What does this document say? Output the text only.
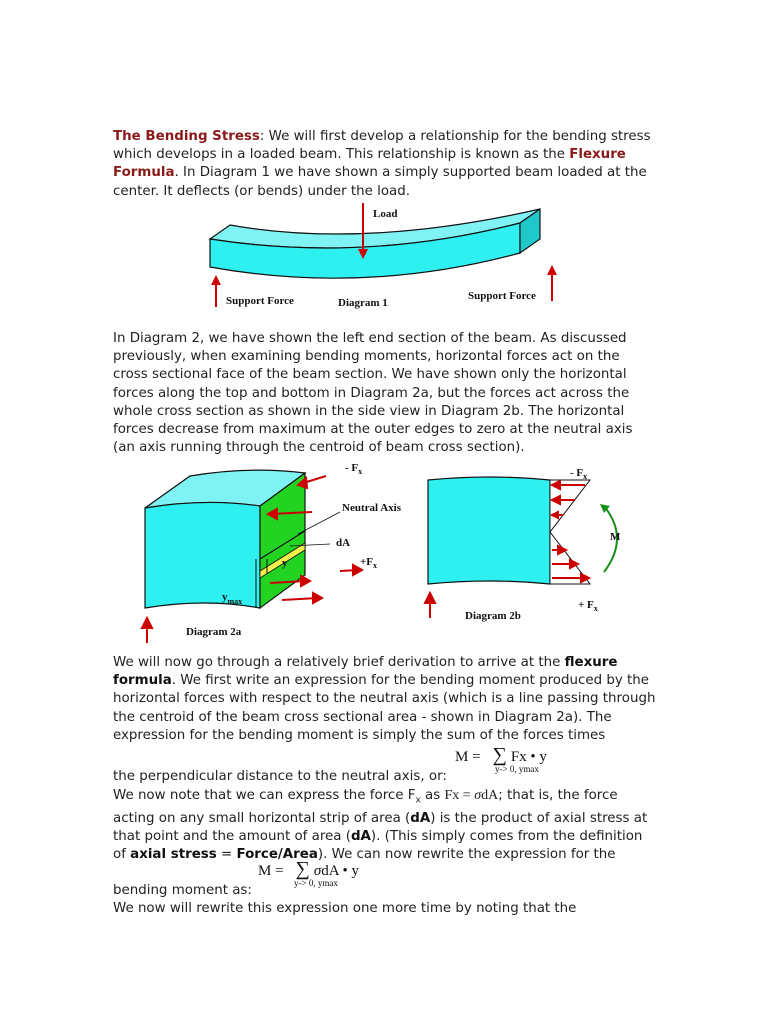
The Bending Stress: We will first develop a relationship for the bending stress which develops in a loaded beam. This relationship is known as the Flexure Formula. In Diagram 1 we have shown a simply supported beam loaded at the center. It deflects (or bends) under the load.

Load
Support Force	Diagram 1
Support Force

In Diagram 2, we have shown the left end section of the beam. As discussed previously, when examining bending moments, horizontal forces act on the cross sectional face of the beam section. We have shown only the horizontal forces along the top and bottom in Diagram 2a, but the forces act across the whole cross section as shown in the side view in Diagram 2b. The horizontal forces decrease from maximum at the outer edges to zero at the neutral axis (an axis running through the centroid of beam cross section).

- $F_x$
Neutral Axis
dA
$+F_x$
y
$y_{max}$
Diagram 2a
- $F_x$
M
+ $F_x$
Diagram 2b

We will now go through a relatively brief derivation to arrive at the flexure formula. We first write an expression for the bending moment produced by the horizontal forces with respect to the neutral axis (which is a line passing through the centroid of the beam cross sectional area - shown in Diagram 2a). The expression for the bending moment is simply the sum of the forces times

M = ∑ Fx • y
y-> 0, ymax

the perpendicular distance to the neutral axis, or:

We now note that we can express the force $F_x$ as Fx = σdA; that is, the force acting on any small horizontal strip of area (dA) is the product of axial stress at that point and the amount of area (dA). (This simply comes from the definition of axial stress = Force/Area). We can now rewrite the expression for the

M = ∑ σdA • y
y-> 0, ymax

bending moment as:

We now will rewrite this expression one more time by noting that the
